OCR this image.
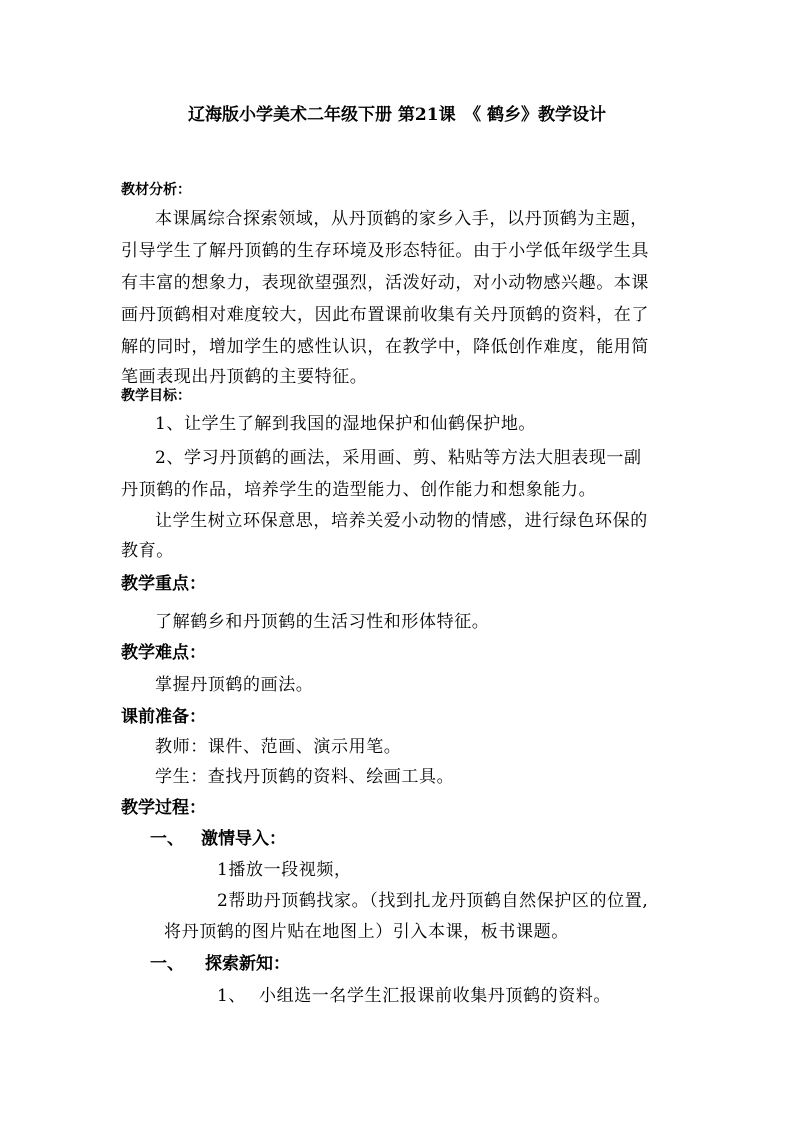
辽海版小学美术二年级下册 第21课　《 鹤乡》教学设计
教材分析：
本课属综合探索领域，从丹顶鹤的家乡入手，以丹顶鹤为主题，
引导学生了解丹顶鹤的生存环境及形态特征。由于小学低年级学生具
有丰富的想象力，表现欲望强烈，活泼好动，对小动物感兴趣。本课
画丹顶鹤相对难度较大，因此布置课前收集有关丹顶鹤的资料，在了
解的同时，增加学生的感性认识，在教学中，降低创作难度，能用简
笔画表现出丹顶鹤的主要特征。
教学目标：
1、让学生了解到我国的湿地保护和仙鹤保护地。
2、学习丹顶鹤的画法，采用画、剪、粘贴等方法大胆表现一副
丹顶鹤的作品，培养学生的造型能力、创作能力和想象能力。
让学生树立环保意思，培养关爱小动物的情感，进行绿色环保的
教育。
教学重点：
了解鹤乡和丹顶鹤的生活习性和形体特征。
教学难点：
掌握丹顶鹤的画法。
课前准备：
教师：课件、范画、演示用笔。
学生：查找丹顶鹤的资料、绘画工具。
教学过程：
一、 激情导入：
1播放一段视频，
2帮助丹顶鹤找家。（找到扎龙丹顶鹤自然保护区的位置,
将丹顶鹤的图片贴在地图上）引入本课，板书课题。
一、 探索新知：
1、 小组选一名学生汇报课前收集丹顶鹤的资料。
